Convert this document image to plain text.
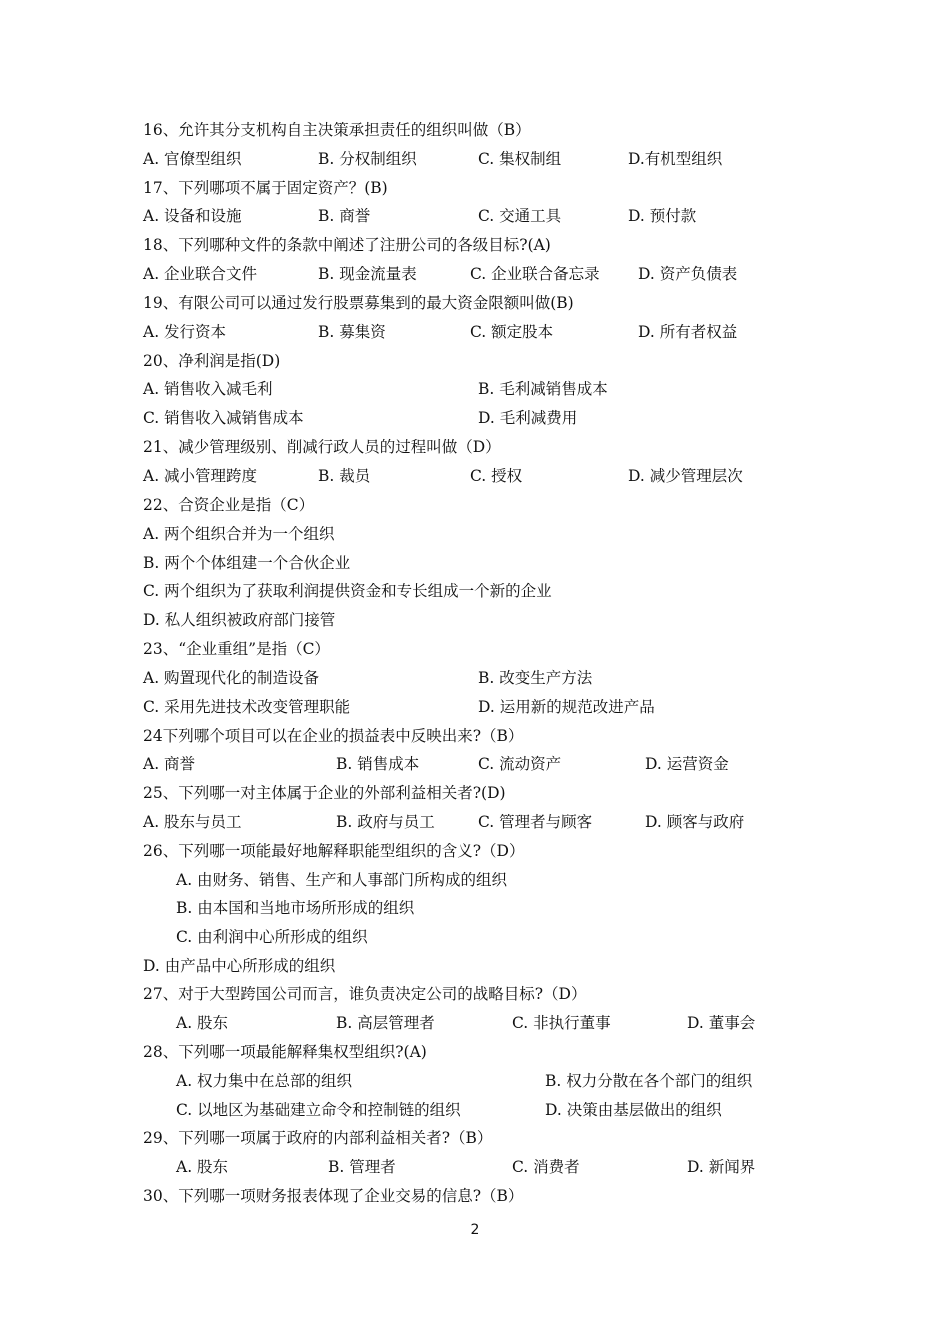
16、允许其分支机构自主决策承担责任的组织叫做（B）
A. 官僚型组织	B. 分权制组织	C. 集权制组	D.有机型组织
17、下列哪项不属于固定资产？(B)
A. 设备和设施	B. 商誉	C. 交通工具	D. 预付款
18、下列哪种文件的条款中阐述了注册公司的各级目标?(A)
A. 企业联合文件	B. 现金流量表	C. 企业联合备忘录 D. 资产负债表
19、有限公司可以通过发行股票募集到的最大资金限额叫做(B)
A. 发行资本	B. 募集资	C. 额定股本	D. 所有者权益
20、净利润是指(D)
A. 销售收入减毛利	B. 毛利减销售成本
C. 销售收入减销售成本	D. 毛利减费用
21、减少管理级别、削减行政人员的过程叫做（D）
A. 减小管理跨度	B. 裁员	C. 授权	D. 减少管理层次
22、合资企业是指（C）
A. 两个组织合并为一个组织
B. 两个个体组建一个合伙企业
C. 两个组织为了获取利润提供资金和专长组成一个新的企业
D. 私人组织被政府部门接管
23、“企业重组”是指（C）
A. 购置现代化的制造设备	B. 改变生产方法
C. 采用先进技术改变管理职能	D. 运用新的规范改进产品
24下列哪个项目可以在企业的损益表中反映出来?（B）
A. 商誉	B. 销售成本	C. 流动资产	D. 运营资金
25、下列哪一对主体属于企业的外部利益相关者?(D)
A. 股东与员工	B. 政府与员工	C. 管理者与顾客	D. 顾客与政府
26、下列哪一项能最好地解释职能型组织的含义?（D）
A. 由财务、销售、生产和人事部门所构成的组织
B. 由本国和当地市场所形成的组织
C. 由利润中心所形成的组织
D. 由产品中心所形成的组织
27、对于大型跨国公司而言，谁负责决定公司的战略目标?（D）
A. 股东	B. 高层管理者	C. 非执行董事	D. 董事会
28、下列哪一项最能解释集权型组织?(A)
A. 权力集中在总部的组织	B. 权力分散在各个部门的组织
C. 以地区为基础建立命令和控制链的组织	D. 决策由基层做出的组织
29、下列哪一项属于政府的内部利益相关者?（B）
A. 股东	B. 管理者	C. 消费者	D. 新闻界
30、下列哪一项财务报表体现了企业交易的信息?（B）
2
